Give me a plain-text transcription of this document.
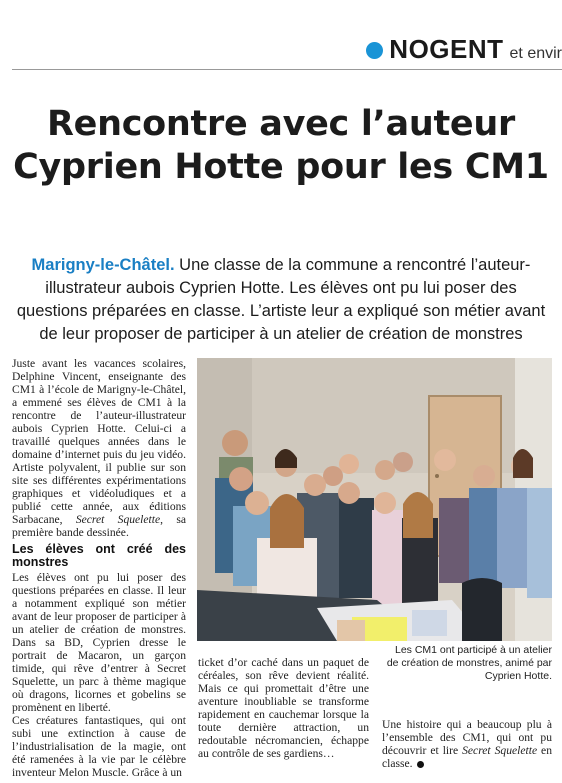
NOGENT et envir
Rencontre avec l’auteur Cyprien Hotte pour les CM1
Marigny-le-Châtel. Une classe de la commune a rencontré l’auteur-illustrateur aubois Cyprien Hotte. Les élèves ont pu lui poser des questions préparées en classe. L’artiste leur a expliqué son métier avant de leur proposer de participer à un atelier de création de monstres

Juste avant les vacances scolaires, Delphine Vincent, enseignante des CM1 à l’école de Marigny-le-Châtel, a emmené ses élèves de CM1 à la rencontre de l’auteur-illustrateur aubois Cyprien Hotte. Celui-ci a travaillé quelques années dans le domaine d’internet puis du jeu vidéo. Artiste polyvalent, il publie sur son site ses différentes expérimentations graphiques et vidéoludiques et a publié cette année, aux éditions Sarbacane, Secret Squelette, sa première bande dessinée.

Les élèves ont créé des monstres

Les élèves ont pu lui poser des questions préparées en classe. Il leur a notamment expliqué son métier avant de leur proposer de participer à un atelier de création de monstres. Dans sa BD, Cyprien dresse le portrait de Macaron, un garçon timide, qui rêve d’entrer à Secret Squelette, un parc à thème magique où dragons, licornes et gobelins se promènent en liberté.

Ces créatures fantastiques, qui ont subi une extinction à cause de l’industrialisation de la magie, ont été ramenées à la vie par le célèbre inventeur Melon Muscle. Grâce à un

Les CM1 ont participé à un atelier de création de monstres, animé par Cyprien Hotte.

ticket d’or caché dans un paquet de céréales, son rêve devient réalité. Mais ce qui promettait d’être une aventure inoubliable se transforme rapidement en cauchemar lorsque la toute dernière attraction, un redoutable nécromancien, échappe au contrôle de ses gardiens…

Une histoire qui a beaucoup plu à l’ensemble des CM1, qui ont pu découvrir et lire Secret Squelette en classe.
